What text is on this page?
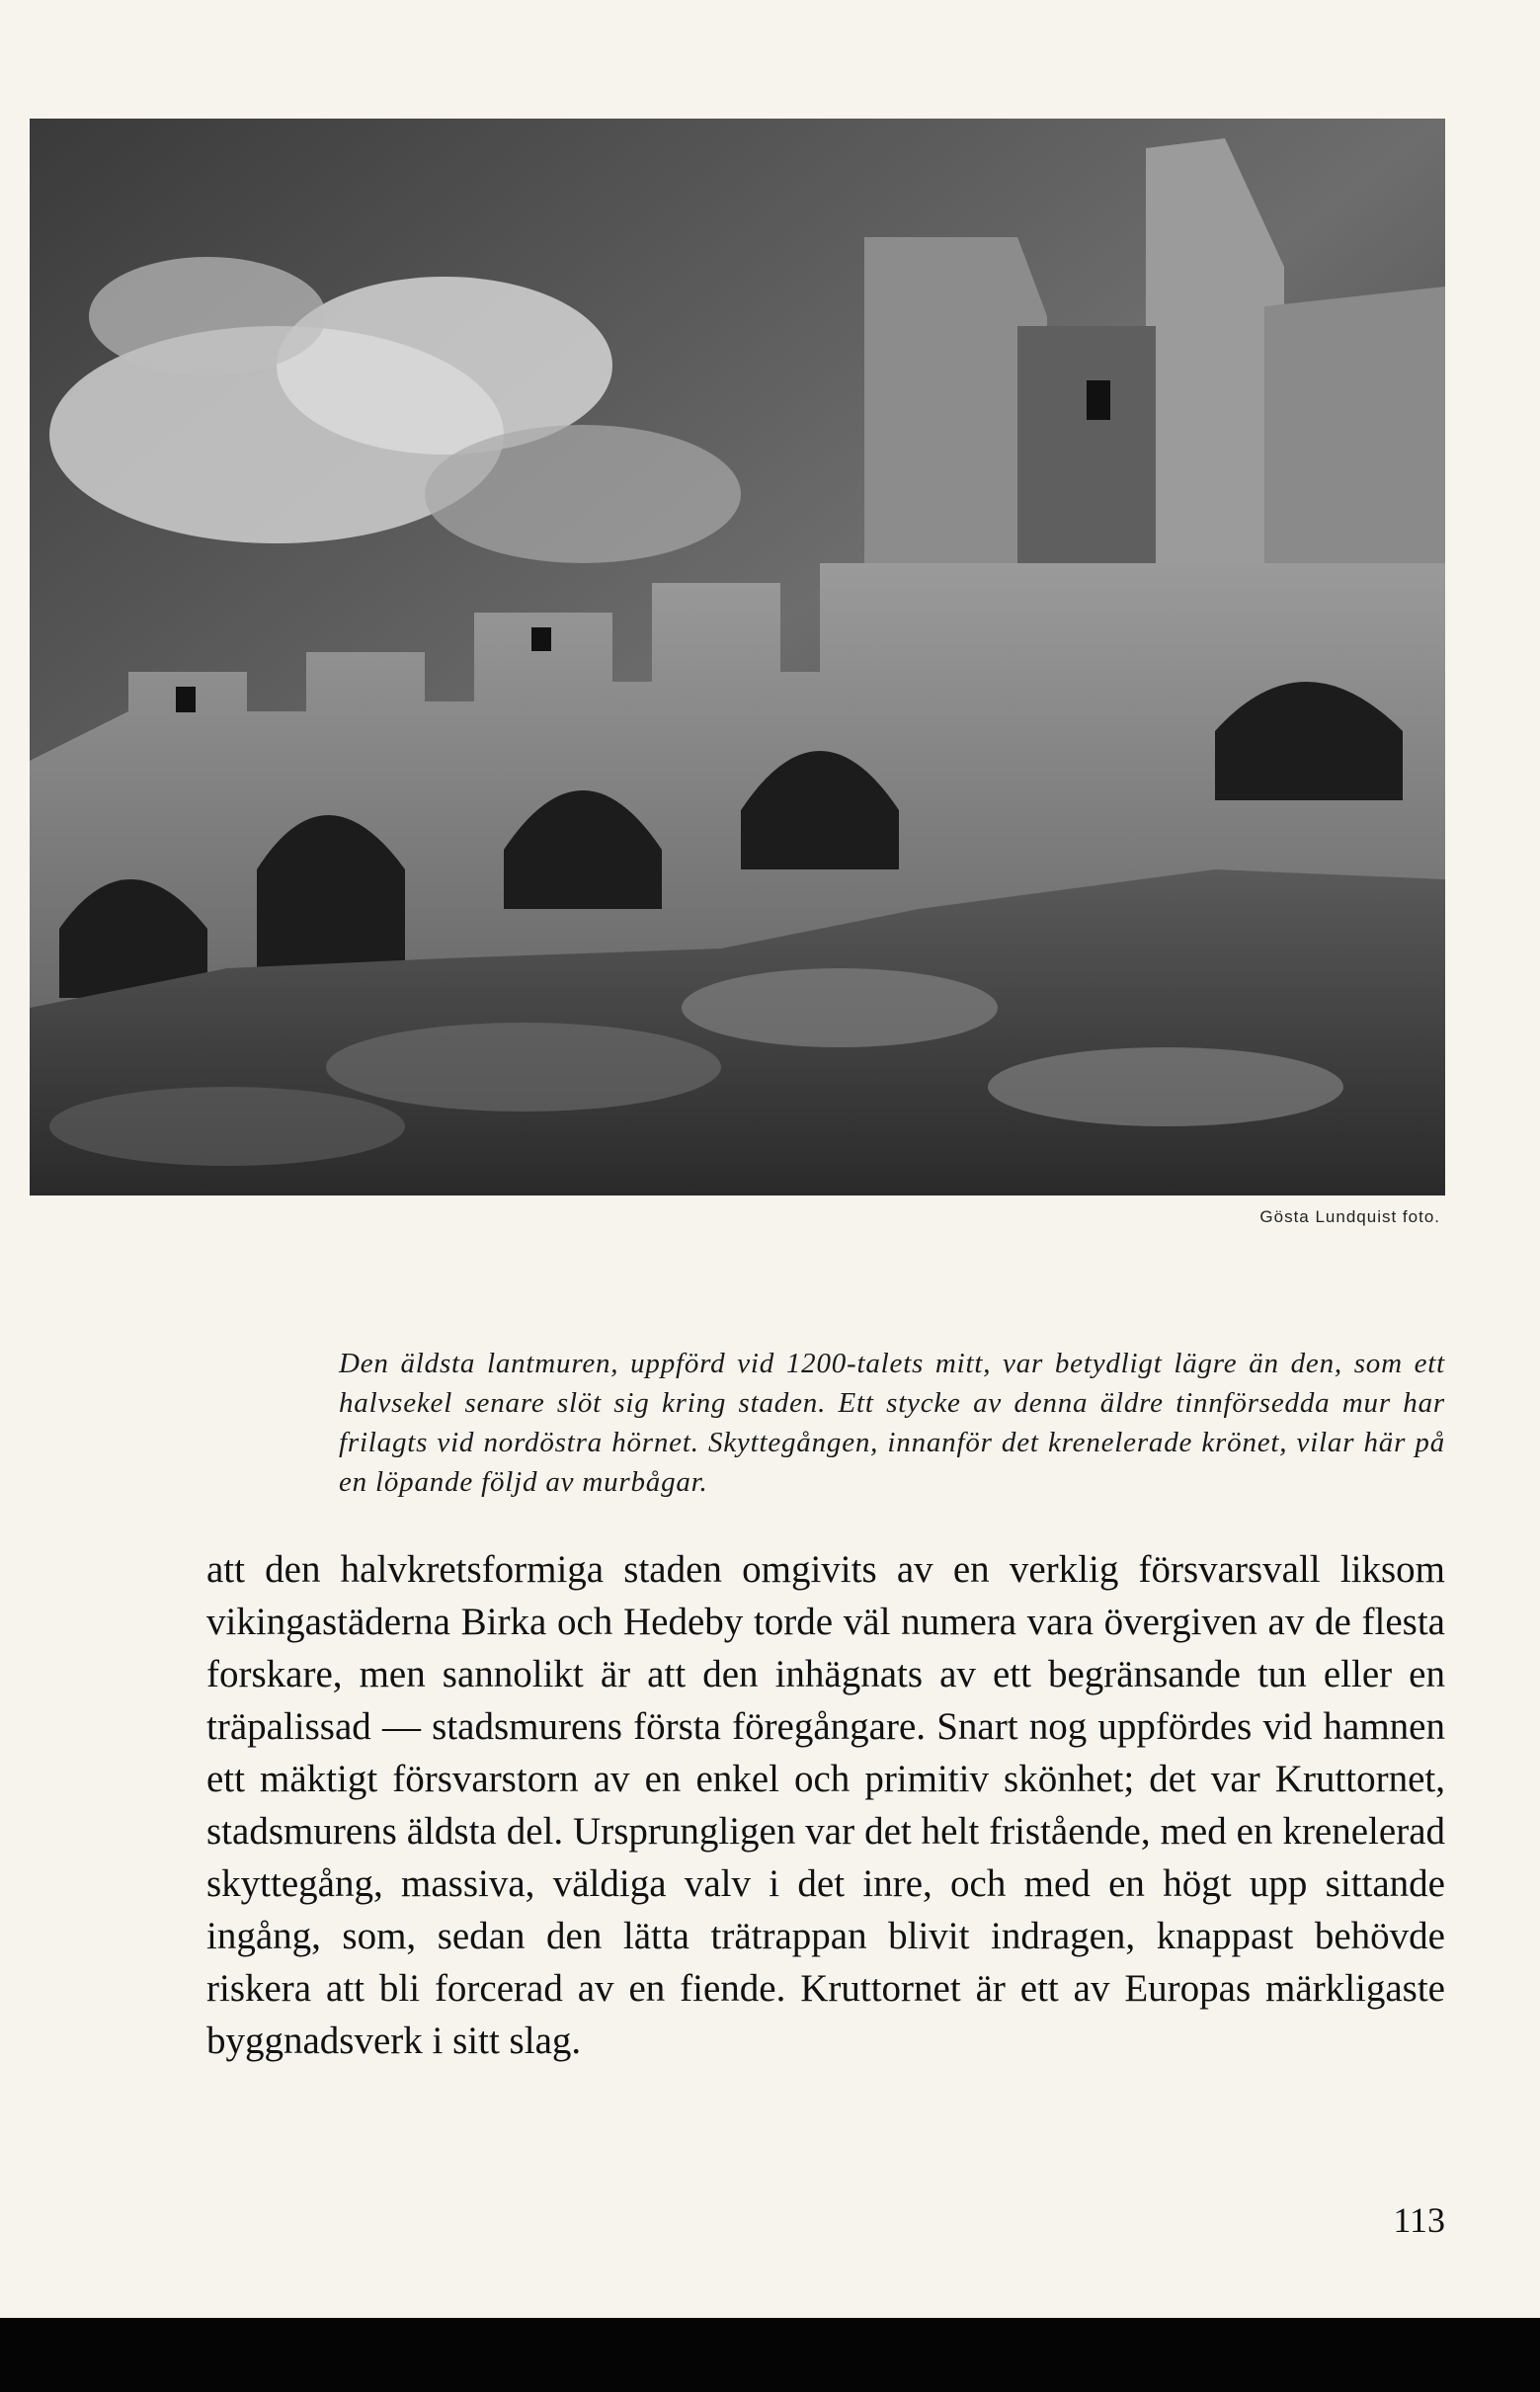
Gösta Lundquist foto.
Den äldsta lantmuren, uppförd vid 1200-talets mitt, var betydligt lägre än den, som ett halvsekel senare slöt sig kring staden. Ett stycke av denna äldre tinnförsedda mur har frilagts vid nordöstra hörnet. Skyttegången, innanför det krenelerade krönet, vilar här på en löpande följd av murbågar.
att den halvkretsformiga staden omgivits av en verklig försvarsvall liksom vikingastäderna Birka och Hedeby torde väl numera vara övergiven av de flesta forskare, men sannolikt är att den inhägnats av ett begränsande tun eller en träpalissad — stadsmurens första föregångare. Snart nog uppfördes vid hamnen ett mäktigt försvarstorn av en enkel och primitiv skönhet; det var Kruttornet, stadsmurens äldsta del. Ursprungligen var det helt fristående, med en krenelerad skyttegång, massiva, väldiga valv i det inre, och med en högt upp sittande ingång, som, sedan den lätta trätrappan blivit indragen, knappast behövde riskera att bli forcerad av en fiende. Kruttornet är ett av Europas märkligaste byggnadsverk i sitt slag.
113
